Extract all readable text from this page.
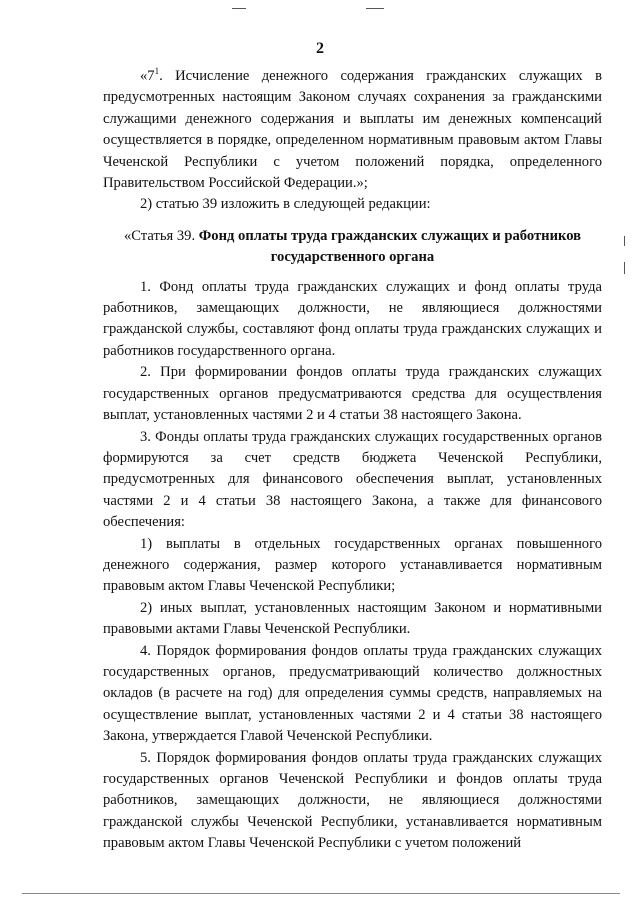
2

«$7^1$. Исчисление денежного содержания гражданских служащих в предусмотренных настоящим Законом случаях сохранения за гражданскими служащими денежного содержания и выплаты им денежных компенсаций осуществляется в порядке, определенном нормативным правовым актом Главы Чеченской Республики с учетом положений порядка, определенного Правительством Российской Федерации.»;

2) статью 39 изложить в следующей редакции:

«Статья 39. Фонд оплаты труда гражданских служащих и работников государственного органа

1. Фонд оплаты труда гражданских служащих и фонд оплаты труда работников, замещающих должности, не являющиеся должностями гражданской службы, составляют фонд оплаты труда гражданских служащих и работников государственного органа.

2. При формировании фондов оплаты труда гражданских служащих государственных органов предусматриваются средства для осуществления выплат, установленных частями 2 и 4 статьи 38 настоящего Закона.

3. Фонды оплаты труда гражданских служащих государственных органов формируются за счет средств бюджета Чеченской Республики, предусмотренных для финансового обеспечения выплат, установленных частями 2 и 4 статьи 38 настоящего Закона, а также для финансового обеспечения:

1) выплаты в отдельных государственных органах повышенного денежного содержания, размер которого устанавливается нормативным правовым актом Главы Чеченской Республики;

2) иных выплат, установленных настоящим Законом и нормативными правовыми актами Главы Чеченской Республики.

4. Порядок формирования фондов оплаты труда гражданских служащих государственных органов, предусматривающий количество должностных окладов (в расчете на год) для определения суммы средств, направляемых на осуществление выплат, установленных частями 2 и 4 статьи 38 настоящего Закона, утверждается Главой Чеченской Республики.

5. Порядок формирования фондов оплаты труда гражданских служащих государственных органов Чеченской Республики и фондов оплаты труда работников, замещающих должности, не являющиеся должностями гражданской службы Чеченской Республики, устанавливается нормативным правовым актом Главы Чеченской Республики с учетом положений
